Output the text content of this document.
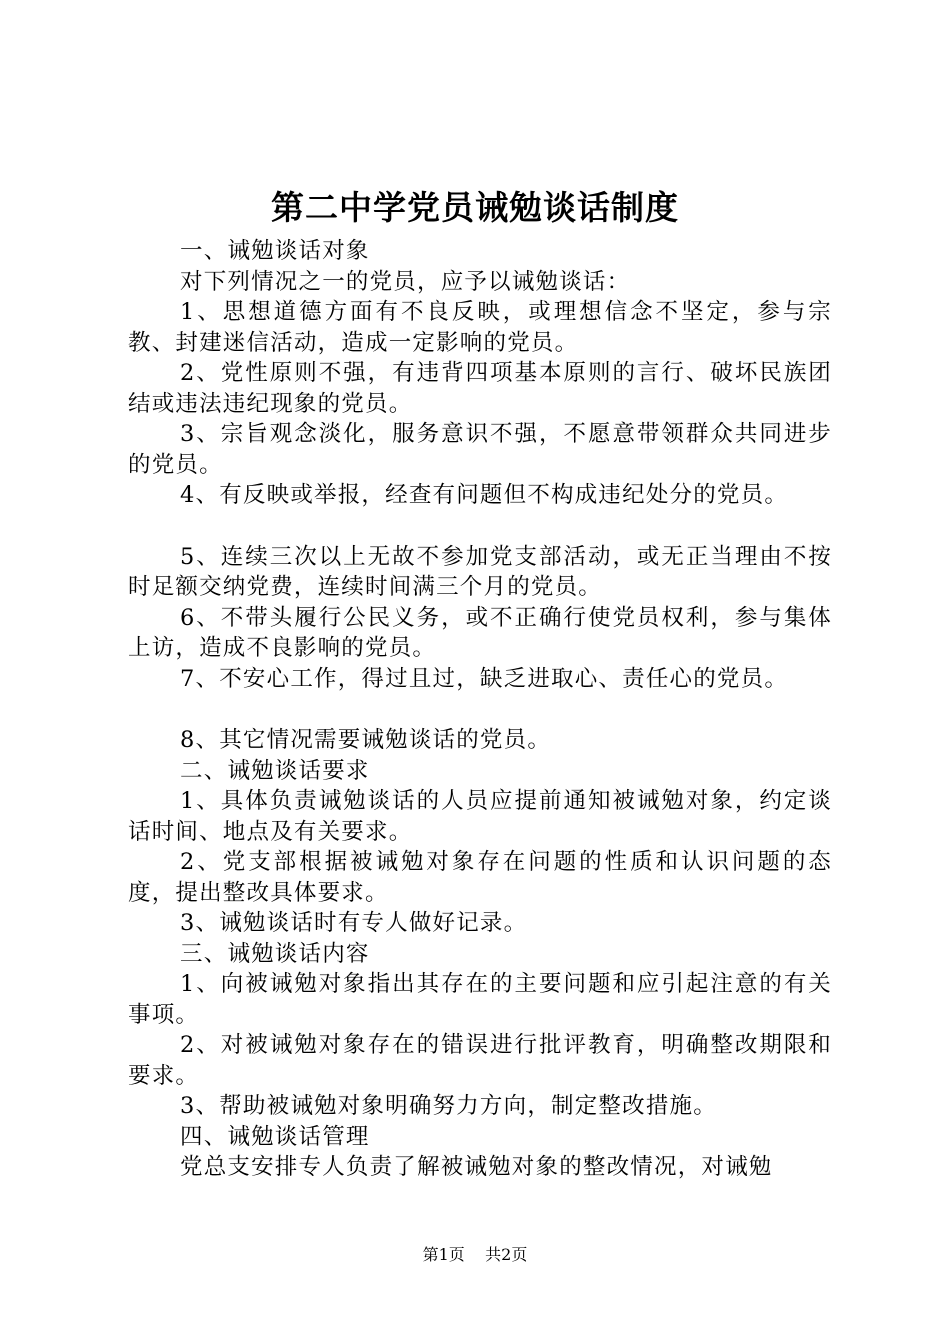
第二中学党员诫勉谈话制度

一、诫勉谈话对象

对下列情况之一的党员，应予以诫勉谈话：

1、思想道德方面有不良反映，或理想信念不坚定，参与宗教、封建迷信活动，造成一定影响的党员。

2、党性原则不强，有违背四项基本原则的言行、破坏民族团结或违法违纪现象的党员。

3、宗旨观念淡化，服务意识不强，不愿意带领群众共同进步的党员。

4、有反映或举报，经查有问题但不构成违纪处分的党员。

5、连续三次以上无故不参加党支部活动，或无正当理由不按时足额交纳党费，连续时间满三个月的党员。

6、不带头履行公民义务，或不正确行使党员权利，参与集体上访，造成不良影响的党员。

7、不安心工作，得过且过，缺乏进取心、责任心的党员。

8、其它情况需要诫勉谈话的党员。

二、诫勉谈话要求

1、具体负责诫勉谈话的人员应提前通知被诫勉对象，约定谈话时间、地点及有关要求。

2、党支部根据被诫勉对象存在问题的性质和认识问题的态度，提出整改具体要求。

3、诫勉谈话时有专人做好记录。

三、诫勉谈话内容

1、向被诫勉对象指出其存在的主要问题和应引起注意的有关事项。

2、对被诫勉对象存在的错误进行批评教育，明确整改期限和要求。

3、帮助被诫勉对象明确努力方向，制定整改措施。

四、诫勉谈话管理

党总支安排专人负责了解被诫勉对象的整改情况，对诫勉

第1页 共2页
